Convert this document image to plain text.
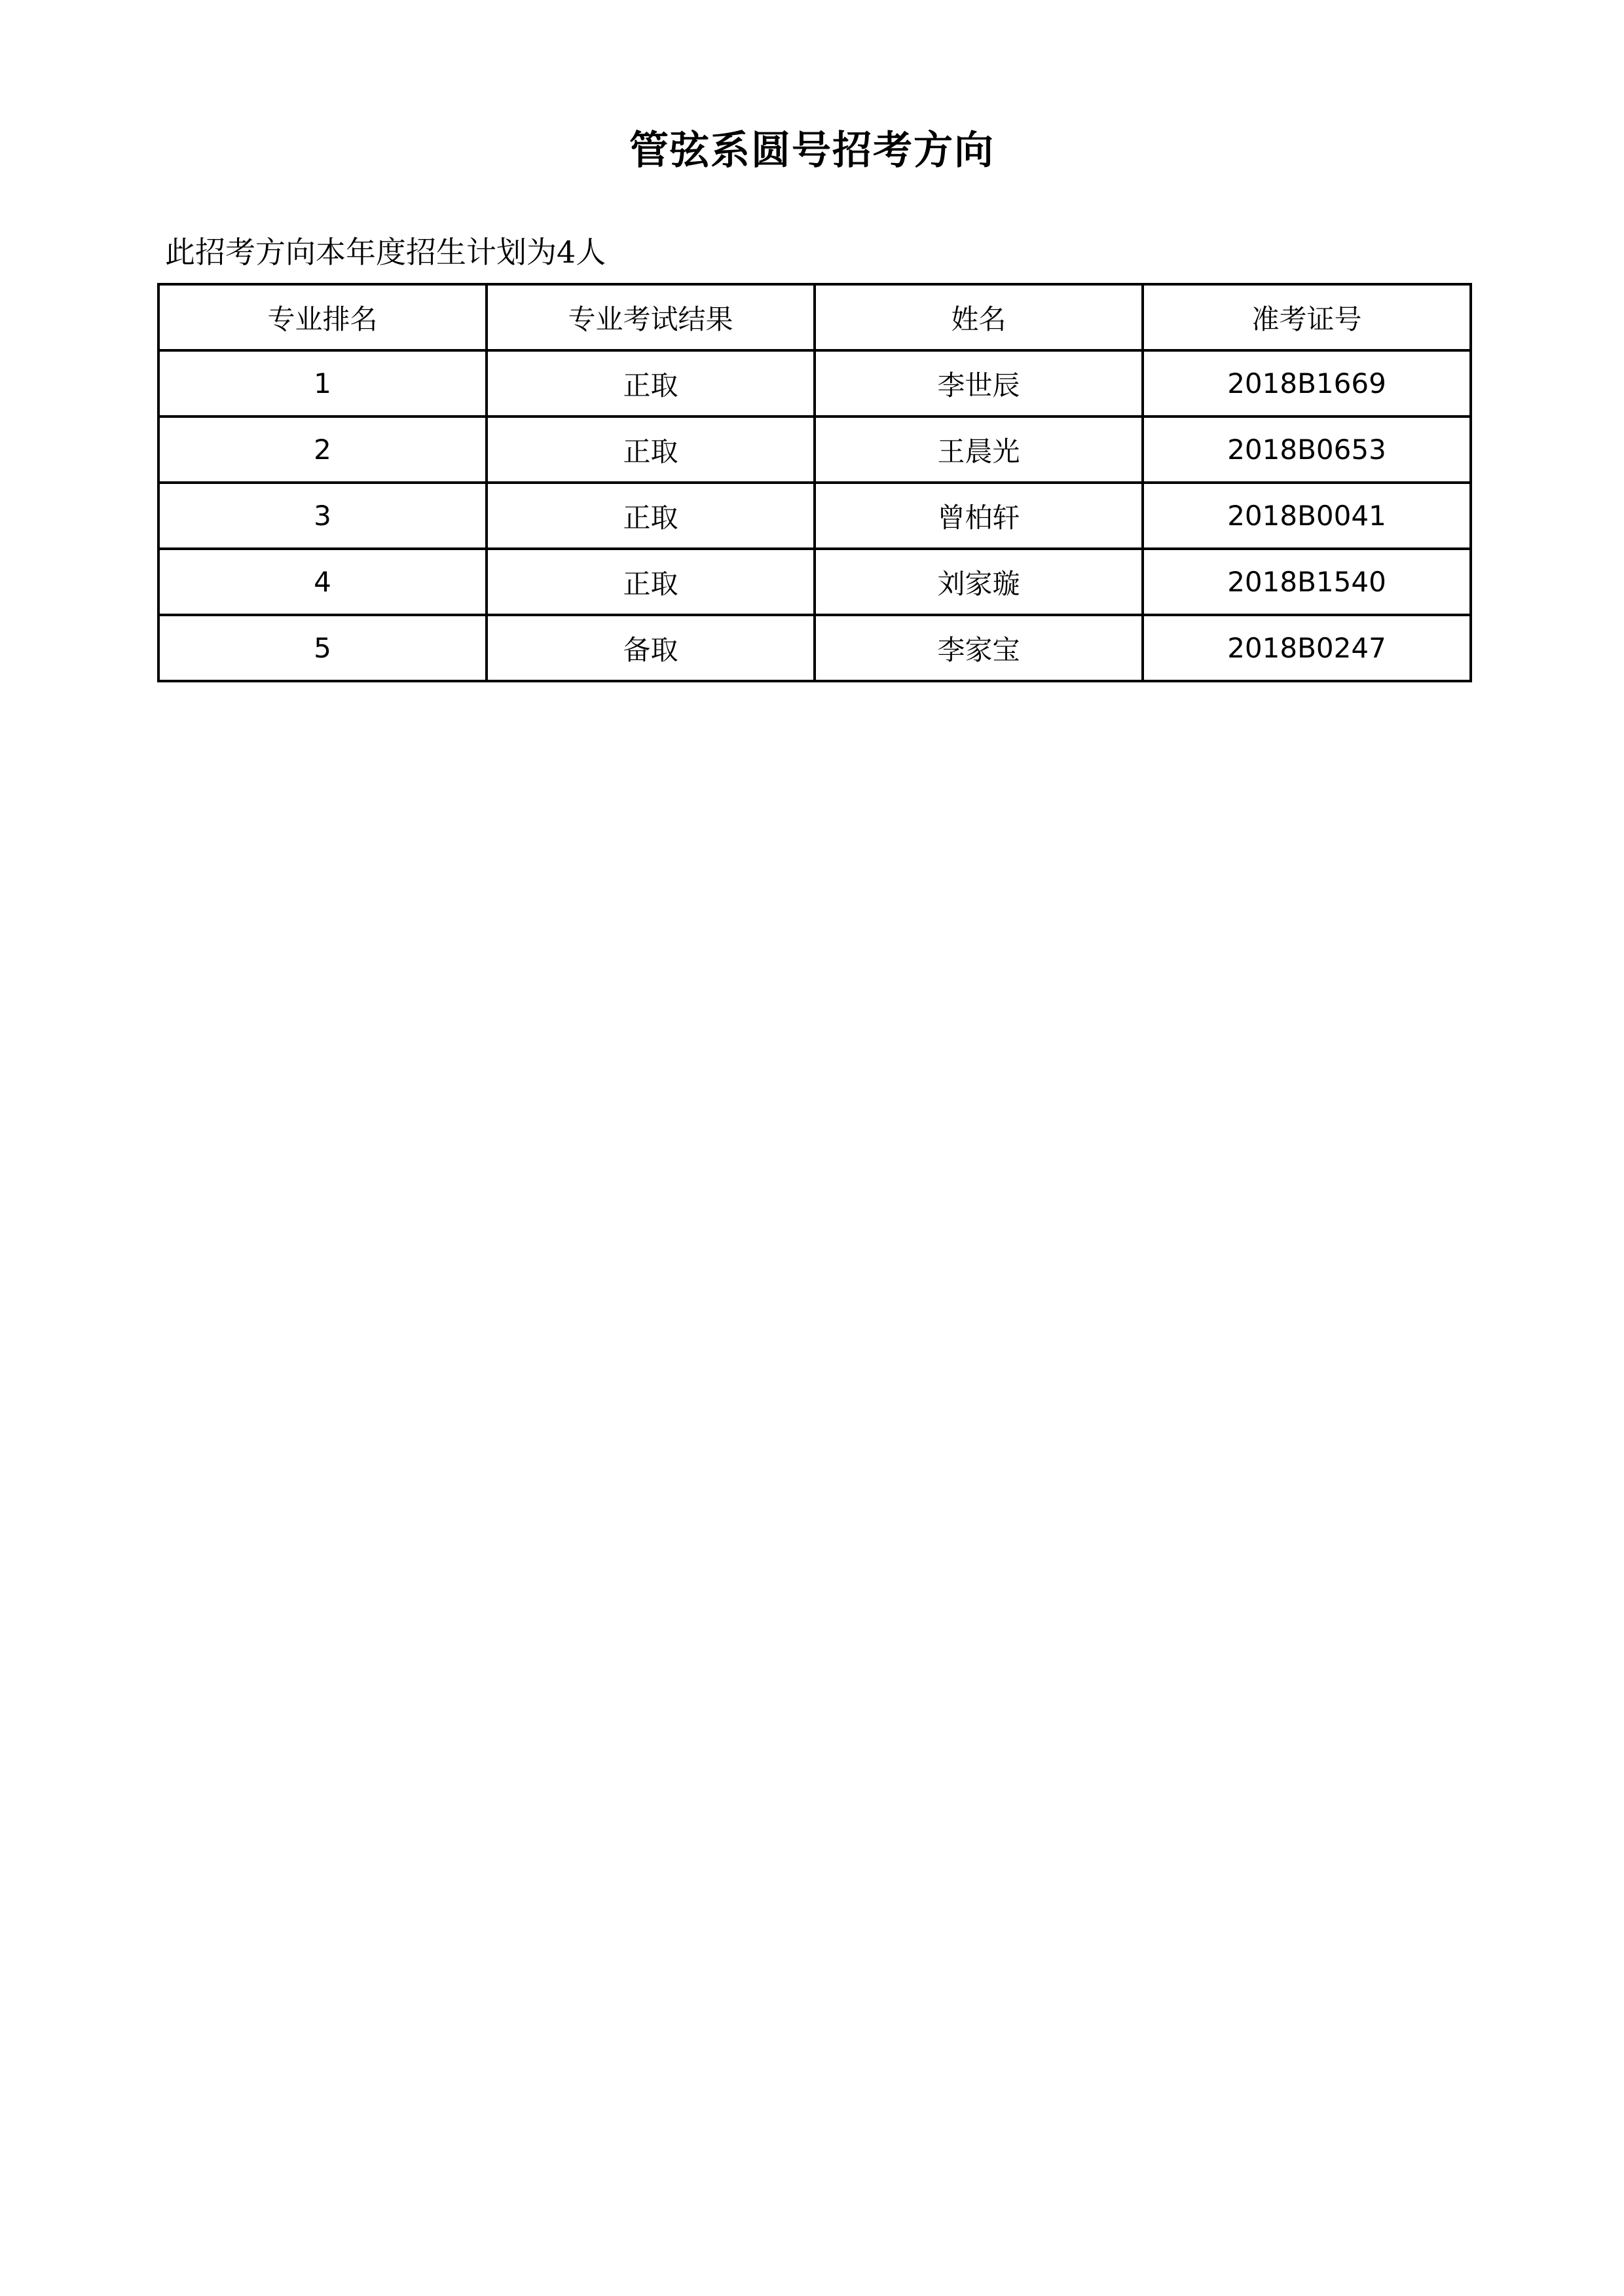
管弦系圆号招考方向
此招考方向本年度招生计划为4人
专业排名	专业考试结果	姓名	准考证号
1	正取	李世辰	2018B1669
2	正取	王晨光	2018B0653
3	正取	曾柏轩	2018B0041
4	正取	刘家璇	2018B1540
5	备取	李家宝	2018B0247
